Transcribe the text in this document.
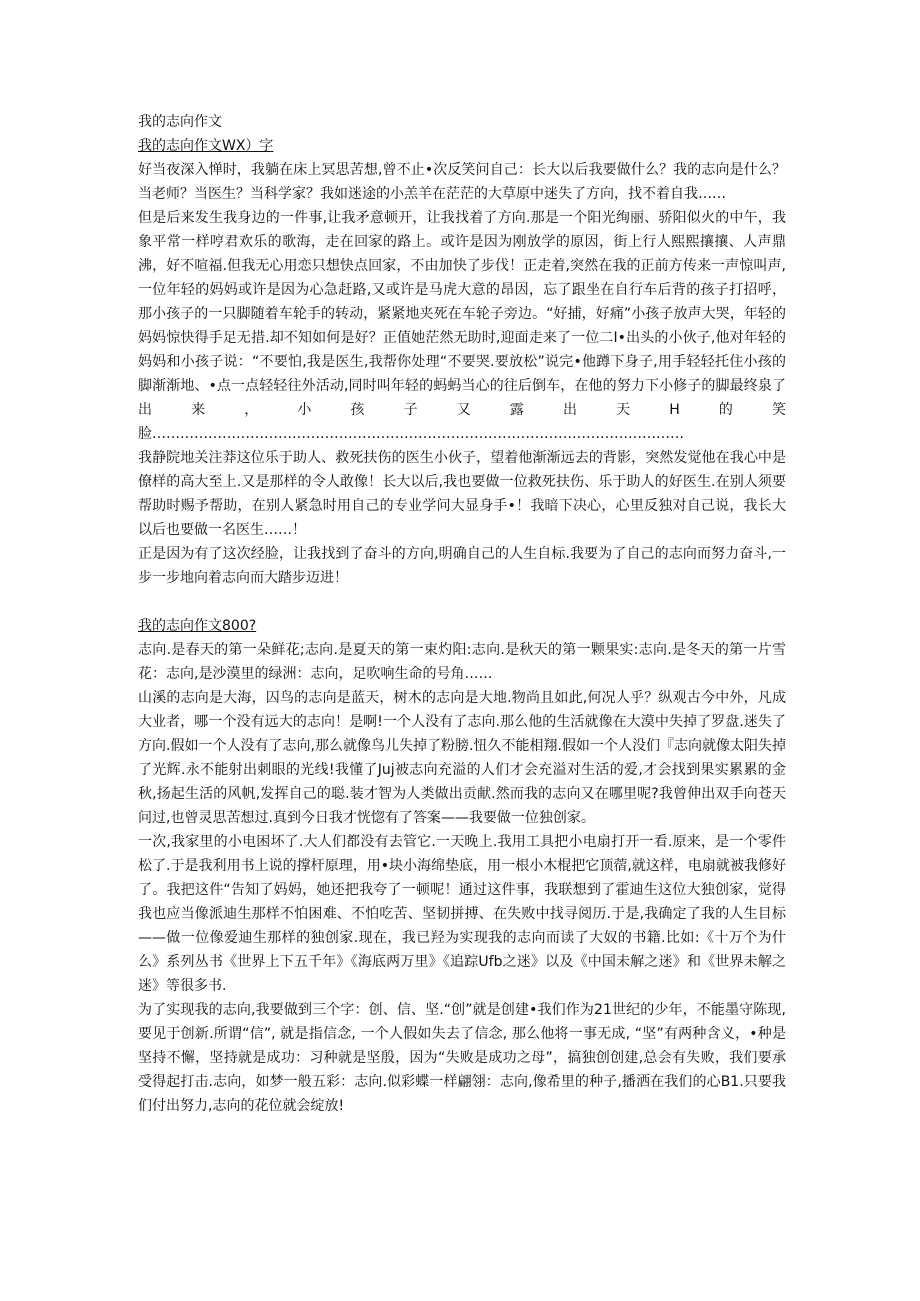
我的志向作文

我的志向作文WX）字

好当夜深入惮时，我躺在床上冥思苦想,曾不止•次反笑问自己：长大以后我要做什么？我的志向是什么？当老师？当医生？当科学家？我如迷途的小羔羊在茫茫的大草原中迷失了方向，找不着自我……

但是后来发生我身边的一件事,让我矛意顿开，让我找着了方向.那是一个阳光绚丽、骄阳似火的中午，我象平常一样哼君欢乐的歌海，走在回家的路上。或许是因为刚放学的原因，街上行人熙熙攘攘、人声鼎沸，好不喧福.但我无心用恋只想快点回家，不由加快了步伐！正走着,突然在我的正前方传来一声惊叫声,一位年轻的妈妈或许是因为心急赶路,又或许是马虎大意的昂因，忘了跟坐在自行车后背的孩子打招呼，那小孩子的一只脚随着车轮手的转动，紧紧地夹死在车轮子旁边。“好捕，好痛”小孩子放声大哭，年轻的妈妈惊快得手足无措.却不知如何是好？正值她茫然无助时,迎面走来了一位二I•出头的小伙子,他对年轻的妈妈和小孩子说：“不要怕,我是医生,我帮你处理“不要哭.要放松”说完•他蹲下身子,用手轻轻托住小孩的脚渐渐地、•点一点轻轻往外活动,同时叫年轻的蚂蚂当心的往后倒车，在他的努力下小修子的脚最终泉了出来，小孩子又露出天H的笑脸……………………………………………………………………………………………………

我静院地关注莽这位乐于助人、救死扶伤的医生小伙子，望着他渐渐远去的背影，突然发觉他在我心中是僚样的高大至上.又是那样的令人敢像！长大以后,我也要做一位救死扶伤、乐于助人的好医生.在别人须要帮助时赐予帮助，在别人紧急时用自己的专业学问大显身手•！我暗下决心，心里反独对自己说，我长大以后也要做一名医生……！

正是因为有了这次经脸，让我找到了奋斗的方向,明确自己的人生自标.我要为了自己的志向而努力奋斗,一步一步地向着志向而大踏步迈进！

我的志向作文800?

志向.是春天的第一朵鲜花;志向.是夏天的第一束灼阳:志向.是秋天的第一颗果实:志向.是冬天的第一片雪花：志向,是沙漠里的绿洲：志向，足吹响生命的号角……

山溪的志向是大海，囚鸟的志向是蓝天，树木的志向是大地.物尚且如此,何况人乎？纵观古今中外，凡成大业者，哪一个没有远大的志向！是啊!一个人没有了志向.那么他的生活就像在大漠中失掉了罗盘.迷失了方向.假如一个人没有了志向,那么就像鸟儿失掉了粉膀.忸久不能相翔.假如一个人没们『志向就像太阳失掉了光辉.永不能射出刺眼的光线!我懂了Juj被志向充溢的人们才会充溢对生活的爱,才会找到果实累累的金秋,扬起生活的风帆,发挥自己的聪.装才智为人类做出贡献.然而我的志向又在哪里呢?我曾伸出双手向苍天问过,也曾灵思苦想过.真到今日我才恍惚有了答案——我要做一位独创家。

一次,我家里的小电困坏了.大人们都没有去管它.一天晚上.我用工具把小电扇打开一看.原来，是一个零件松了.于是我利用书上说的撑杆原理，用•块小海绵垫底，用一根小木棍把它顶蓿,就这样，电扇就被我修好了。我把这件“告知了妈妈，她还把我夸了一顿呢！通过这件事，我联想到了霍迪生这位大独创家，觉得我也应当像派迪生那样不怕困难、不怕吃苦、坚韧拼搏、在失败中找寻阅历.于是,我确定了我的人生目标——做一位像爱迪生那样的独创家.现在，我已羟为实现我的志向而读了大奴的书籍.比如:《十万个为什么》系列丛书《世界上下五千年》《海底两万里》《追踪Ufb之迷》以及《中国未解之迷》和《世界未解之迷》等很多书.

为了实现我的志向,我要做到三个字：创、信、坚.“创”就是创建•我们作为21世纪的少年，不能墨守陈现, 要见于创新.所谓“信”, 就是指信念, 一个人假如失去了信念, 那么他将一事无成, “坚”有两种含义，•种是坚持不懈，坚持就是成功：习种就是坚殷，因为“失败是成功之母”，搞独创创建,总会有失败，我们要承受得起打击.志向，如梦一般五彩：志向.似彩蝶一样翩翎：志向,像希里的种子,播洒在我们的心B1.只要我们付出努力,志向的花位就会绽放!
